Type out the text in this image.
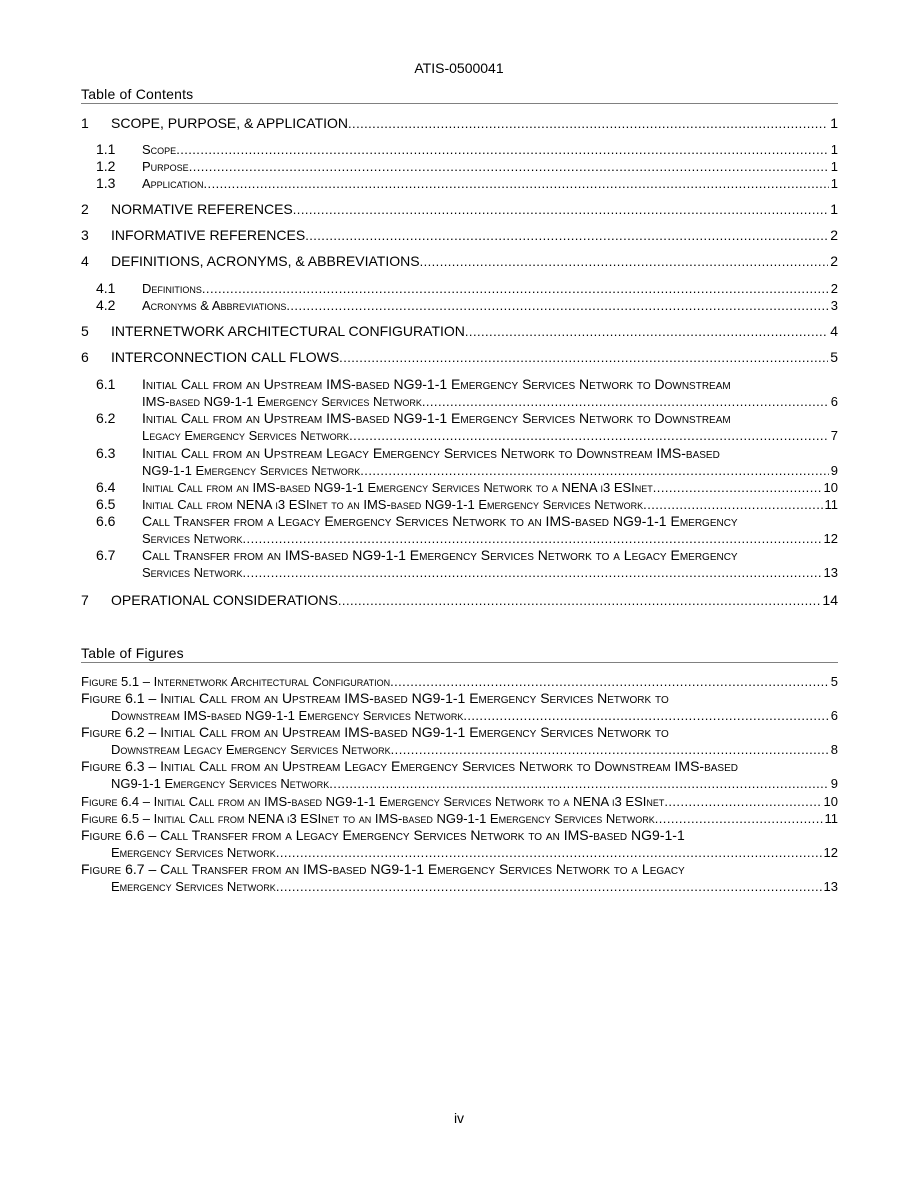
ATIS-0500041
Table of Contents
1 SCOPE, PURPOSE, & APPLICATION . . .	1
1.1 Scope . . .	1
1.2 Purpose . . .	1
1.3 Application . . .	1
2 NORMATIVE REFERENCES . . .	1
3 INFORMATIVE REFERENCES . . .	2
4 DEFINITIONS, ACRONYMS, & ABBREVIATIONS . . .	2
4.1 Definitions . . .	2
4.2 Acronyms & Abbreviations . . .	3
5 INTERNETWORK ARCHITECTURAL CONFIGURATION . . .	4
6 INTERCONNECTION CALL FLOWS . . .	5
6.1 Initial Call from an Upstream IMS-based NG9-1-1 Emergency Services Network to Downstream
IMS-based NG9-1-1 Emergency Services Network . . .	6
6.2 Initial Call from an Upstream IMS-based NG9-1-1 Emergency Services Network to Downstream
Legacy Emergency Services Network . . .	7
6.3 Initial Call from an Upstream Legacy Emergency Services Network to Downstream IMS-based
NG9-1-1 Emergency Services Network . . .	9
6.4 Initial Call from an IMS-based NG9-1-1 Emergency Services Network to a NENA i3 ESInet . . .	10
6.5 Initial Call from NENA i3 ESInet to an IMS-based NG9-1-1 Emergency Services Network . . .	11
6.6 Call Transfer from a Legacy Emergency Services Network to an IMS-based NG9-1-1 Emergency
Services Network . . .	12
6.7 Call Transfer from an IMS-based NG9-1-1 Emergency Services Network to a Legacy Emergency
Services Network . . .	13
7 OPERATIONAL CONSIDERATIONS . . .	14
Table of Figures
Figure 5.1 – Internetwork Architectural Configuration . . .	5
Figure 6.1 – Initial Call from an Upstream IMS-based NG9-1-1 Emergency Services Network to
Downstream IMS-based NG9-1-1 Emergency Services Network . . .	6
Figure 6.2 – Initial Call from an Upstream IMS-based NG9-1-1 Emergency Services Network to
Downstream Legacy Emergency Services Network . . .	8
Figure 6.3 – Initial Call from an Upstream Legacy Emergency Services Network to Downstream IMS-based
NG9-1-1 Emergency Services Network . . .	9
Figure 6.4 – Initial Call from an IMS-based NG9-1-1 Emergency Services Network to a NENA i3 ESInet . . .	10
Figure 6.5 – Initial Call from NENA i3 ESInet to an IMS-based NG9-1-1 Emergency Services Network . . .	11
Figure 6.6 – Call Transfer from a Legacy Emergency Services Network to an IMS-based NG9-1-1
Emergency Services Network . . .	12
Figure 6.7 – Call Transfer from an IMS-based NG9-1-1 Emergency Services Network to a Legacy
Emergency Services Network . . .	13
iv
